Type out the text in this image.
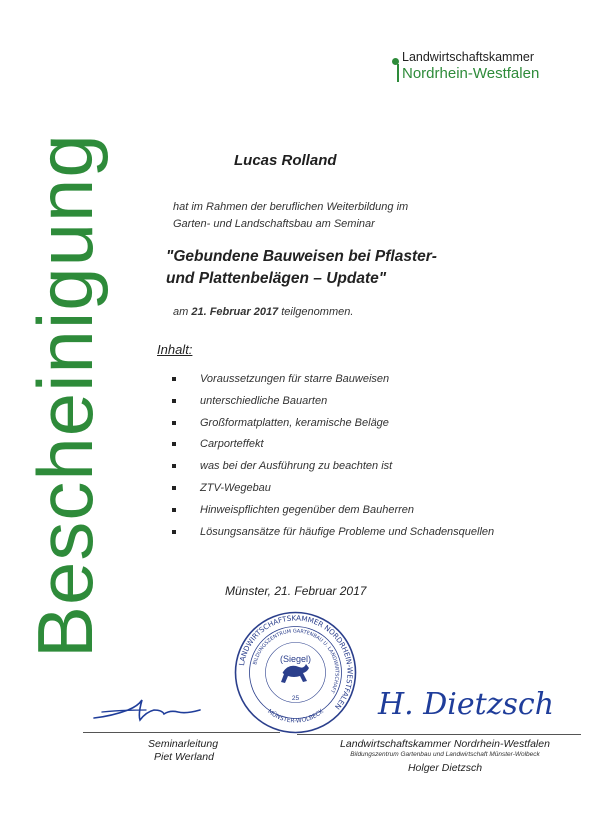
Landwirtschaftskammer
Nordrhein-Westfalen
Bescheinigung	Lucas Rolland
hat im Rahmen der beruflichen Weiterbildung im
Garten- und Landschaftsbau am Seminar
"Gebundene Bauweisen bei Pflaster-
und Plattenbelägen – Update"
am 21. Februar 2017 teilgenommen.
Inhalt:
Voraussetzungen für starre Bauweisen
unterschiedliche Bauarten
Großformatplatten, keramische Beläge
Carporteffekt
was bei der Ausführung zu beachten ist
ZTV-Wegebau
Hinweispflichten gegenüber dem Bauherren
Lösungsansätze für häufige Probleme und Schadensquellen
Münster, 21. Februar 2017
LANDWIRTSCHAFTSKAMMER NORDRHEIN-WESTFALEN
BILDUNGSZENTRUM GARTENBAU U. LANDWIRTSCHAFT
MÜNSTER-WOLBECK
(Siegel)
25	H. Dietzsch
Seminarleitung
Piet Werland
Landwirtschaftskammer Nordrhein-Westfalen
Bildungszentrum Gartenbau und Landwirtschaft Münster-Wolbeck
Holger Dietzsch
